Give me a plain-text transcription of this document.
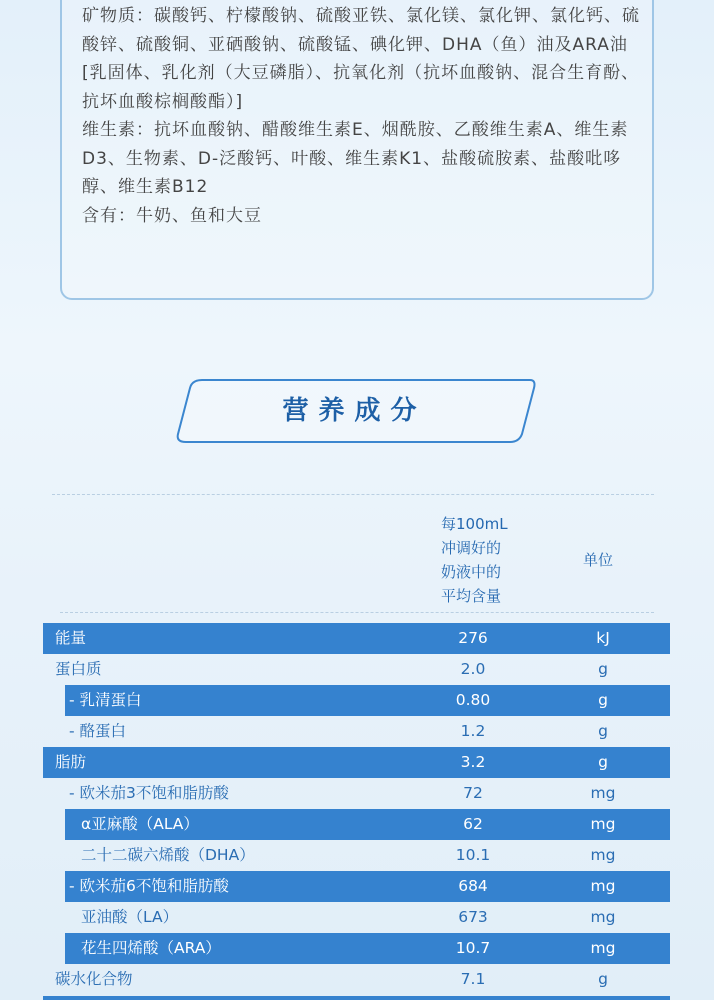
矿物质：碳酸钙、柠檬酸钠、硫酸亚铁、氯化镁、氯化钾、氯化钙、硫酸锌、硫酸铜、亚硒酸钠、硫酸锰、碘化钾、DHA（鱼）油及ARA油[乳固体、乳化剂（大豆磷脂）、抗氧化剂（抗坏血酸钠、混合生育酚、抗坏血酸棕榈酸酯）]

维生素：抗坏血酸钠、醋酸维生素E、烟酰胺、乙酸维生素A、维生素D3、生物素、D-泛酸钙、叶酸、维生素K1、盐酸硫胺素、盐酸吡哆醇、维生素B12

含有：牛奶、鱼和大豆

营养成分
每100mL
冲调好的
奶液中的
平均含量
单位
能量	276	kJ
蛋白质	2.0	g
- 乳清蛋白	0.80	g
- 酪蛋白	1.2	g
脂肪	3.2	g
- 欧米茄3不饱和脂肪酸	72	mg
α亚麻酸（ALA）	62	mg
二十二碳六烯酸（DHA）	10.1	mg
- 欧米茄6不饱和脂肪酸	684	mg
亚油酸（LA）	673	mg
花生四烯酸（ARA）	10.7	mg
碳水化合物	7.1	g
